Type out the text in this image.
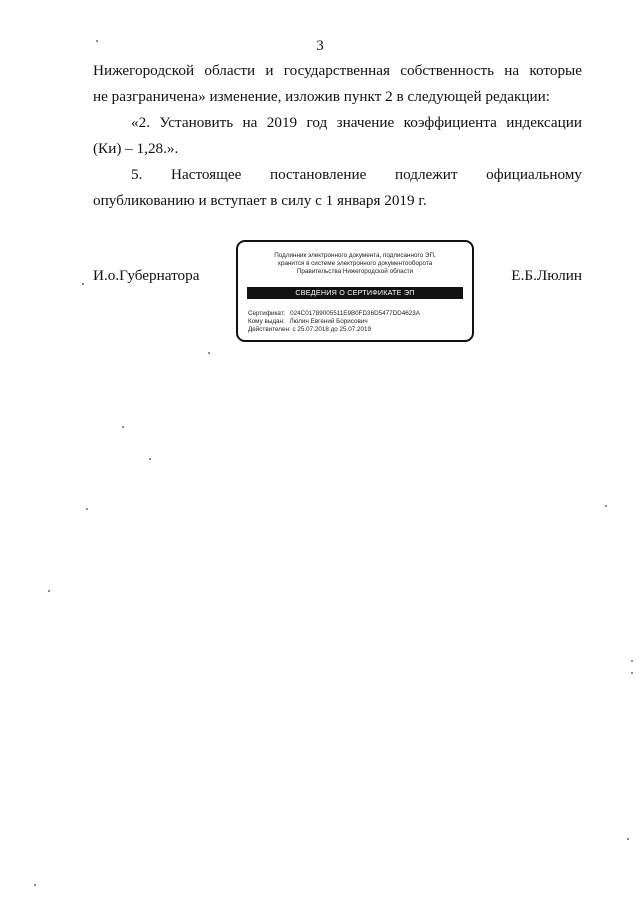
3
Нижегородской области и государственная собственность на которые
не разграничена» изменение, изложив пункт 2 в следующей редакции:
«2. Установить на 2019 год значение коэффициента индексации
(Ки) – 1,28.».
5. Настоящее постановление подлежит официальному
опубликованию и вступает в силу с 1 января 2019 г.
И.о.Губернатора
Подлинник электронного документа, подписанного ЭП,
хранится в системе электронного документооборота
Правительства Нижегородской области
СВЕДЕНИЯ О СЕРТИФИКАТЕ ЭП
Сертификат: 024C01789005511E9B0FD36D5477DD4623A
Кому выдан: Люлин Евгений Борисович
Действителен: с 25.07.2018 до 25.07.2019
Е.Б.Люлин
